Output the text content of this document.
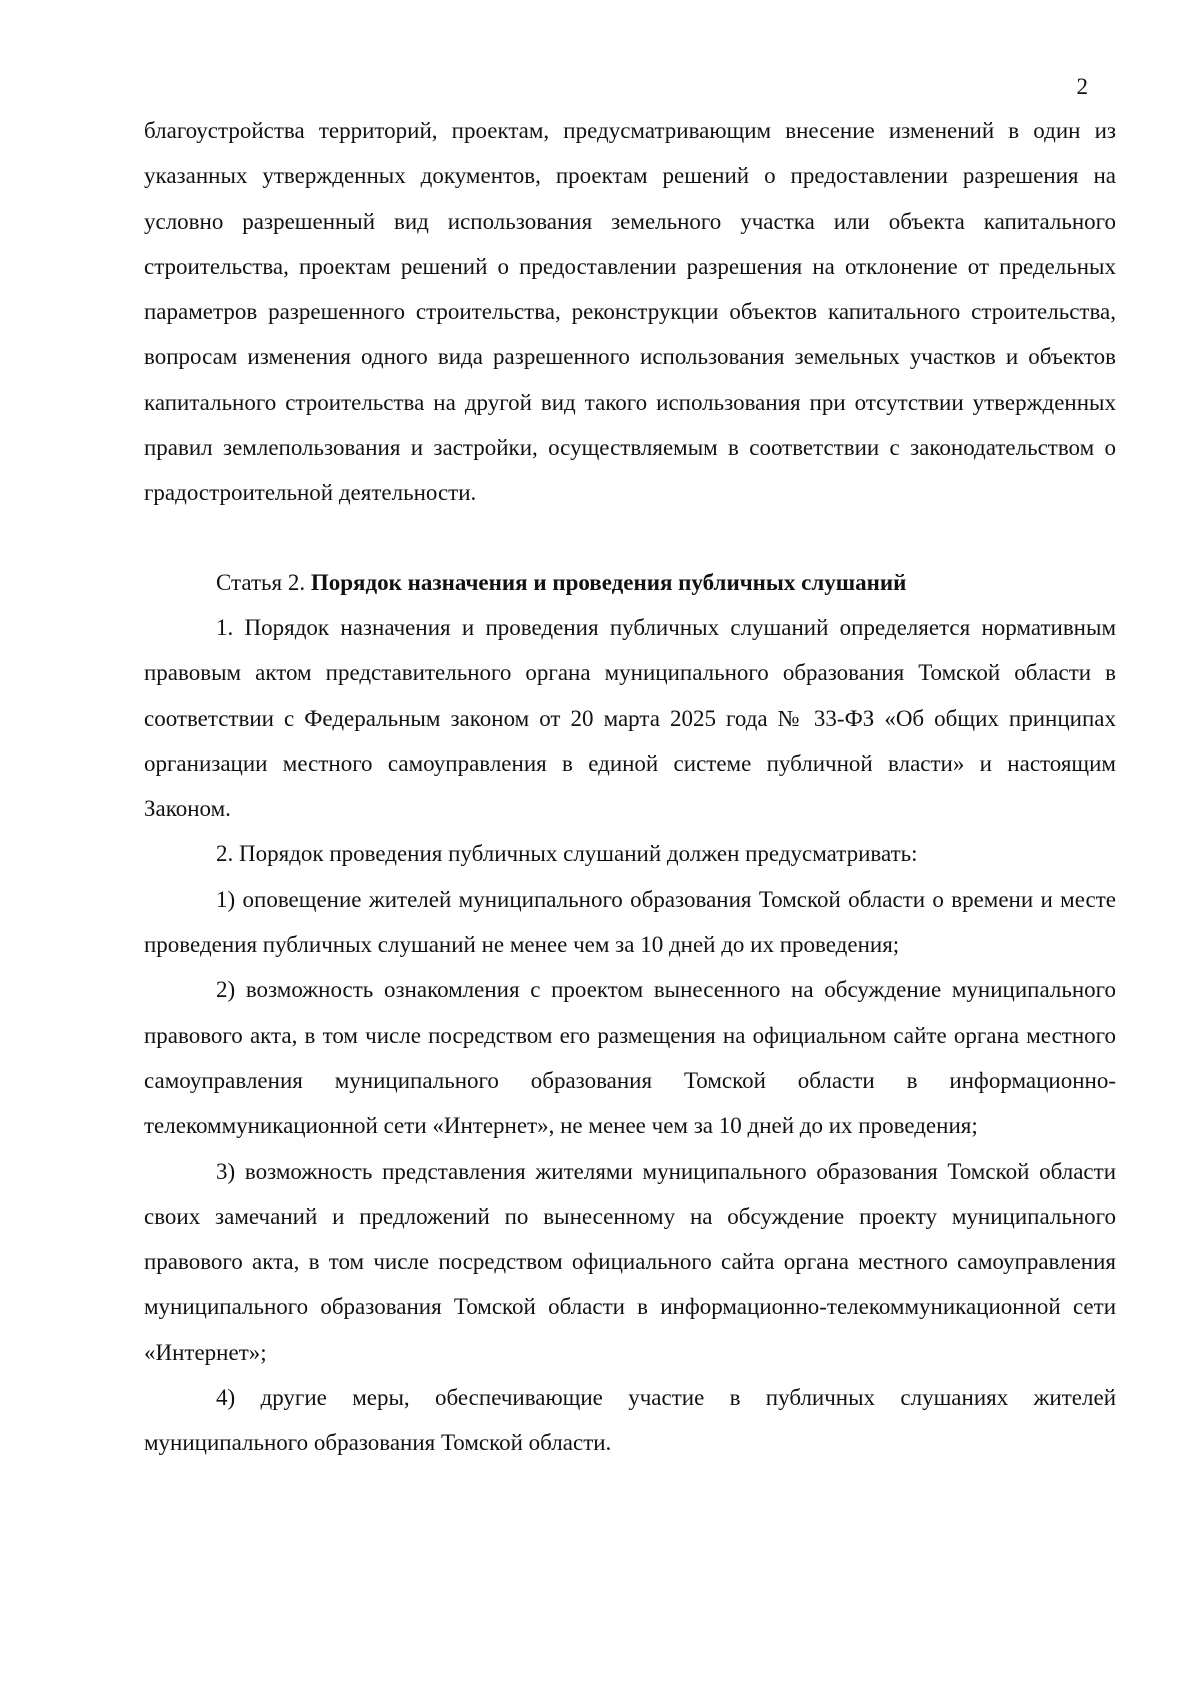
2

благоустройства территорий, проектам, предусматривающим внесение изменений в один из указанных утвержденных документов, проектам решений о предоставлении разрешения на условно разрешенный вид использования земельного участка или объекта капитального строительства, проектам решений о предоставлении разрешения на отклонение от предельных параметров разрешенного строительства, реконструкции объектов капитального строительства, вопросам изменения одного вида разрешенного использования земельных участков и объектов капитального строительства на другой вид такого использования при отсутствии утвержденных правил землепользования и застройки, осуществляемым в соответствии с законодательством о градостроительной деятельности.

Статья 2. Порядок назначения и проведения публичных слушаний

1. Порядок назначения и проведения публичных слушаний определяется нормативным правовым актом представительного органа муниципального образования Томской области в соответствии с Федеральным законом от 20 марта 2025 года № 33-ФЗ «Об общих принципах организации местного самоуправления в единой системе публичной власти» и настоящим Законом.

2. Порядок проведения публичных слушаний должен предусматривать:

1) оповещение жителей муниципального образования Томской области о времени и месте проведения публичных слушаний не менее чем за 10 дней до их проведения;

2) возможность ознакомления с проектом вынесенного на обсуждение муниципального правового акта, в том числе посредством его размещения на официальном сайте органа местного самоуправления муниципального образования Томской области в информационно-телекоммуникационной сети «Интернет», не менее чем за 10 дней до их проведения;

3) возможность представления жителями муниципального образования Томской области своих замечаний и предложений по вынесенному на обсуждение проекту муниципального правового акта, в том числе посредством официального сайта органа местного самоуправления муниципального образования Томской области в информационно-телекоммуникационной сети «Интернет»;

4) другие меры, обеспечивающие участие в публичных слушаниях жителей муниципального образования Томской области.
